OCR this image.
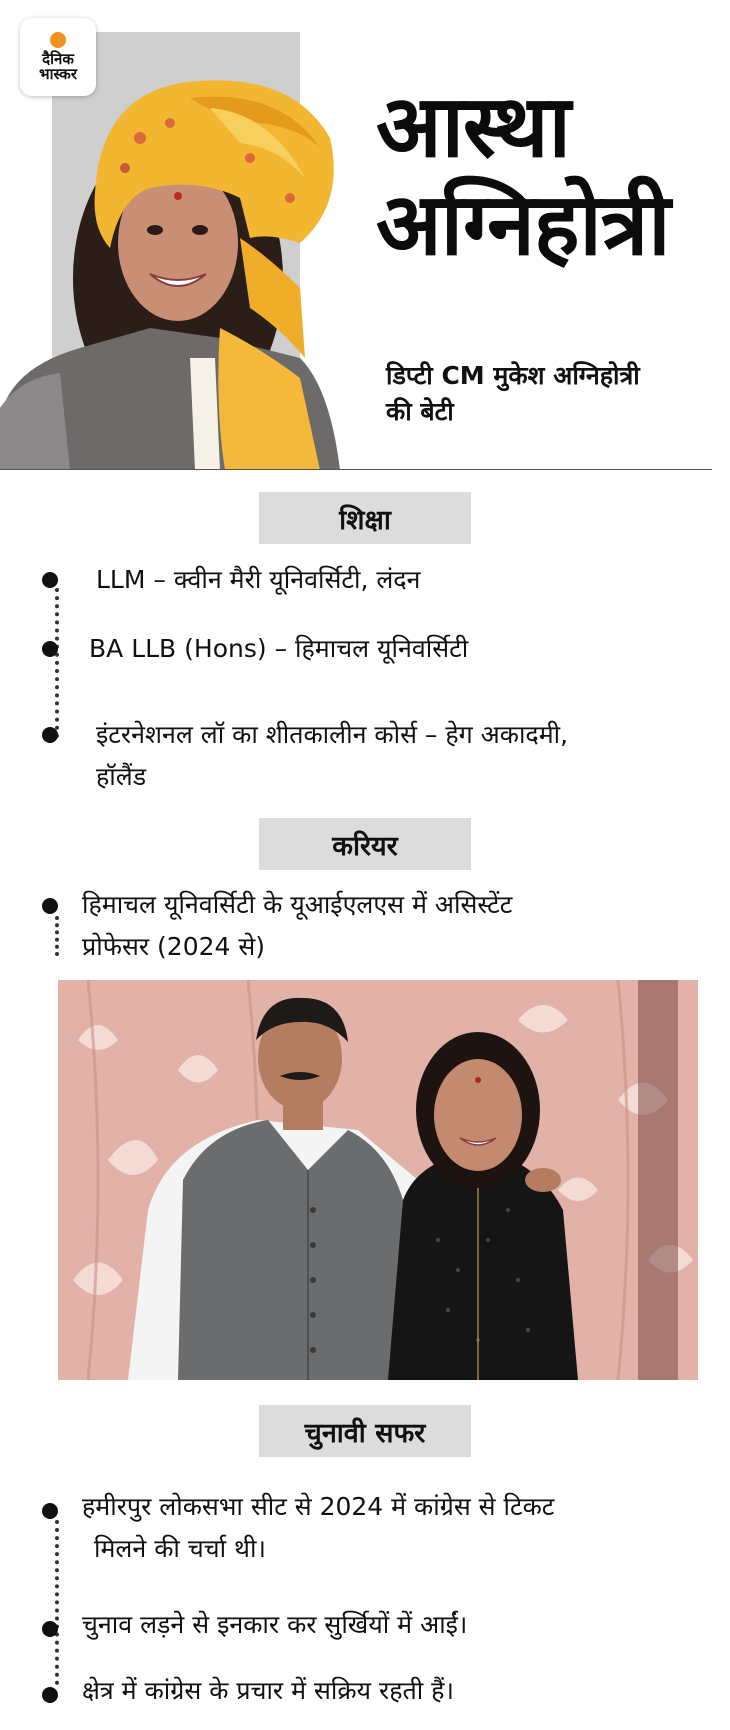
दैनिक
भास्कर
आस्था
अग्निहोत्री
डिप्टी CM मुकेश अग्निहोत्री
की बेटी
शिक्षा
LLM – क्वीन मैरी यूनिवर्सिटी, लंदन
BA LLB (Hons) – हिमाचल यूनिवर्सिटी
इंटरनेशनल लॉ का शीतकालीन कोर्स – हेग अकादमी,
हॉलैंड
करियर
हिमाचल यूनिवर्सिटी के यूआईएलएस में असिस्टेंट
प्रोफेसर (2024 से)
चुनावी सफर
हमीरपुर लोकसभा सीट से 2024 में कांग्रेस से टिकट
मिलने की चर्चा थी।
चुनाव लड़ने से इनकार कर सुर्खियों में आईं।
क्षेत्र में कांग्रेस के प्रचार में सक्रिय रहती हैं।
